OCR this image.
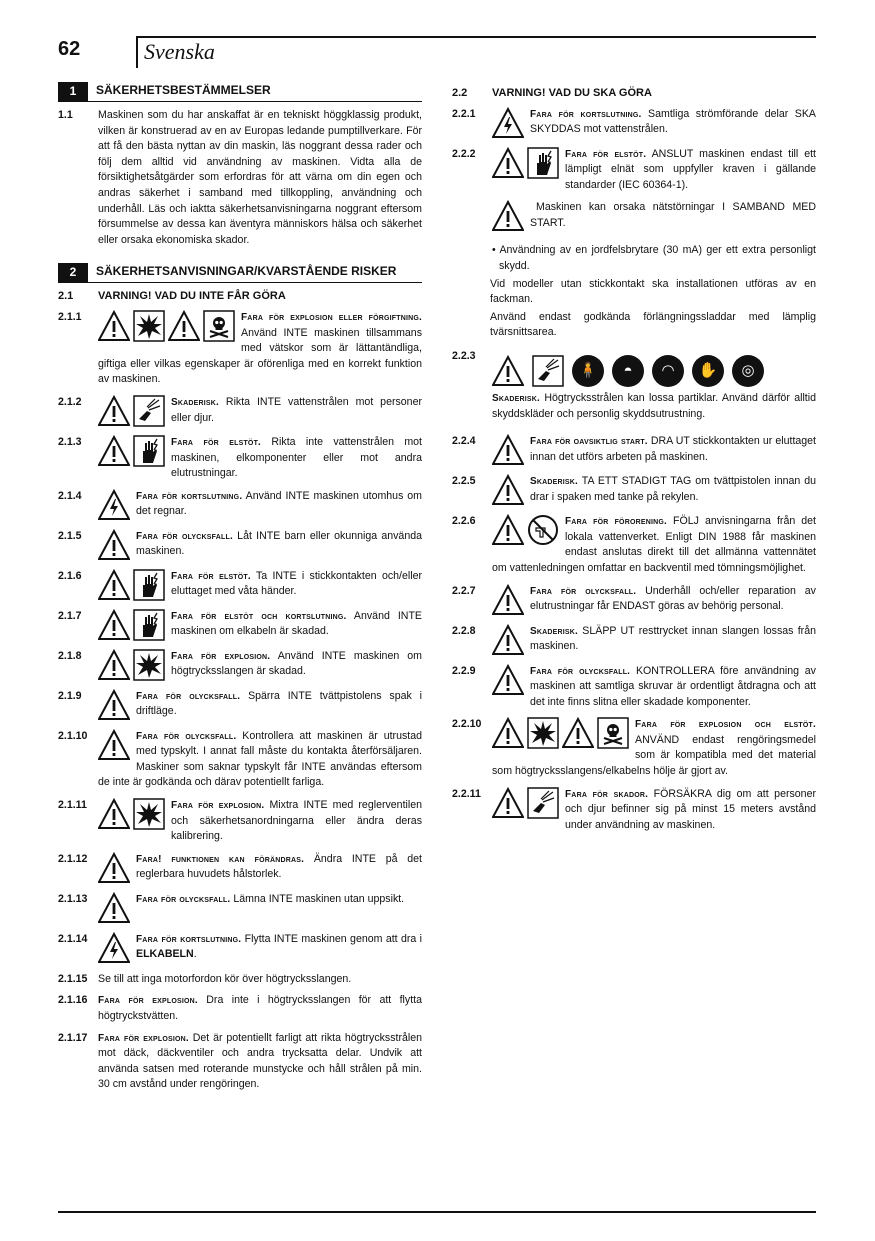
62	Svenska
1	SÄKERHETSBESTÄMMELSER
1.1	Maskinen som du har anskaffat är en tekniskt höggklassig produkt, vilken är konstruerad av en av Europas ledande pumptillverkare. För att få den bästa nyttan av din maskin, läs noggrant dessa rader och följ dem alltid vid användning av maskinen. Vidta alla de försiktighetsåtgärder som erfordras för att värna om din egen och andras säkerhet i samband med tillkoppling, användning och underhåll. Läs och iaktta säkerhetsanvisningarna noggrant eftersom försummelse av dessa kan äventyra människors hälsa och säkerhet eller orsaka ekonomiska skador.
2	SÄKERHETSANVISNINGAR/KVARSTÅENDE RISKER
2.1	VARNING! VAD DU INTE FÅR GÖRA
2.1.1	Fara för explosion eller förgiftning. Använd INTE maskinen tillsammans med vätskor som är lättantändliga, giftiga eller vilkas egenskaper är oförenliga med en korrekt funktion av maskinen.
2.1.2	Skaderisk. Rikta INTE vattenstrålen mot personer eller djur.
2.1.3	Fara för elstöt. Rikta inte vattenstrålen mot maskinen, elkomponenter eller mot andra elutrustningar.
2.1.4	Fara för kortslutning. Använd INTE maskinen utomhus om det regnar.
2.1.5	Fara för olycksfall. Låt INTE barn eller okunniga använda maskinen.
2.1.6	Fara för elstöt. Ta INTE i stickkontakten och/eller eluttaget med våta händer.
2.1.7	Fara för elstöt och kortslutning. Använd INTE maskinen om elkabeln är skadad.
2.1.8	Fara för explosion. Använd INTE maskinen om högtrycksslangen är skadad.
2.1.9	Fara för olycksfall. Spärra INTE tvättpistolens spak i driftläge.
2.1.10	Fara för olycksfall. Kontrollera att maskinen är utrustad med typskylt. I annat fall måste du kontakta återförsäljaren. Maskiner som saknar typskylt får INTE användas eftersom de inte är godkända och därav potentiellt farliga.
2.1.11	Fara för explosion. Mixtra INTE med reglerventilen och säkerhetsanordningarna eller ändra deras kalibrering.
2.1.12	Fara! funktionen kan förändras. Ändra INTE på det reglerbara huvudets hålstorlek.
2.1.13	Fara för olycksfall. Lämna INTE maskinen utan uppsikt.
2.1.14	Fara för kortslutning. Flytta INTE maskinen genom att dra i ELKABELN.
2.1.15 Se till att inga motorfordon kör över högtrycksslangen.
2.1.16	Fara för explosion. Dra inte i högtrycksslangen för att flytta högtryckstvätten.
2.1.17	Fara för explosion. Det är potentiellt farligt att rikta högtrycksstrålen mot däck, däckventiler och andra trycksatta delar. Undvik att använda satsen med roterande munstycke och håll strålen på min. 30 cm avstånd under rengöringen.
2.2	VARNING! VAD DU SKA GÖRA
2.2.1	Fara för kortslutning. Samtliga strömförande delar SKA SKYDDAS mot vattenstrålen.
2.2.2	Fara för elstöt. ANSLUT maskinen endast till ett lämpligt elnät som uppfyller kraven i gällande standarder (IEC 60364-1).
Maskinen kan orsaka nätstörningar I SAMBAND MED START.
• Användning av en jordfelsbrytare (30 mA) ger ett extra personligt skydd.
Vid modeller utan stickkontakt ska installationen utföras av en fackman.
Använd endast godkända förlängningssladdar med lämplig tvärsnittsarea.
2.2.3
🧍	◓	◠	✋	◎
Skaderisk. Högtrycksstrålen kan lossa partiklar. Använd därför alltid skyddskläder och personlig skyddsutrustning.
2.2.4	Fara för oavsiktlig start. DRA UT stickkontakten ur eluttaget innan det utförs arbeten på maskinen.
2.2.5	Skaderisk. TA ETT STADIGT TAG om tvättpistolen innan du drar i spaken med tanke på rekylen.
2.2.6	Fara för förorening. FÖLJ anvisningarna från det lokala vattenverket. Enligt DIN 1988 får maskinen endast anslutas direkt till det allmänna vattennätet om vattenledningen omfattar en backventil med tömningsmöjlighet.
2.2.7	Fara för olycksfall. Underhåll och/eller reparation av elutrustningar får ENDAST göras av behörig personal.
2.2.8	Skaderisk. SLÄPP UT resttrycket innan slangen lossas från maskinen.
2.2.9	Fara för olycksfall. KONTROLLERA före användning av maskinen att samtliga skruvar är ordentligt åtdragna och att det inte finns slitna eller skadade komponenter.
2.2.10	Fara för explosion och elstöt. ANVÄND endast rengöringsmedel som är kompatibla med det material som högtrycksslangens/elkabelns hölje är gjort av.
2.2.11	Fara för skador. FÖRSÄKRA dig om att personer och djur befinner sig på minst 15 meters avstånd under användning av maskinen.
